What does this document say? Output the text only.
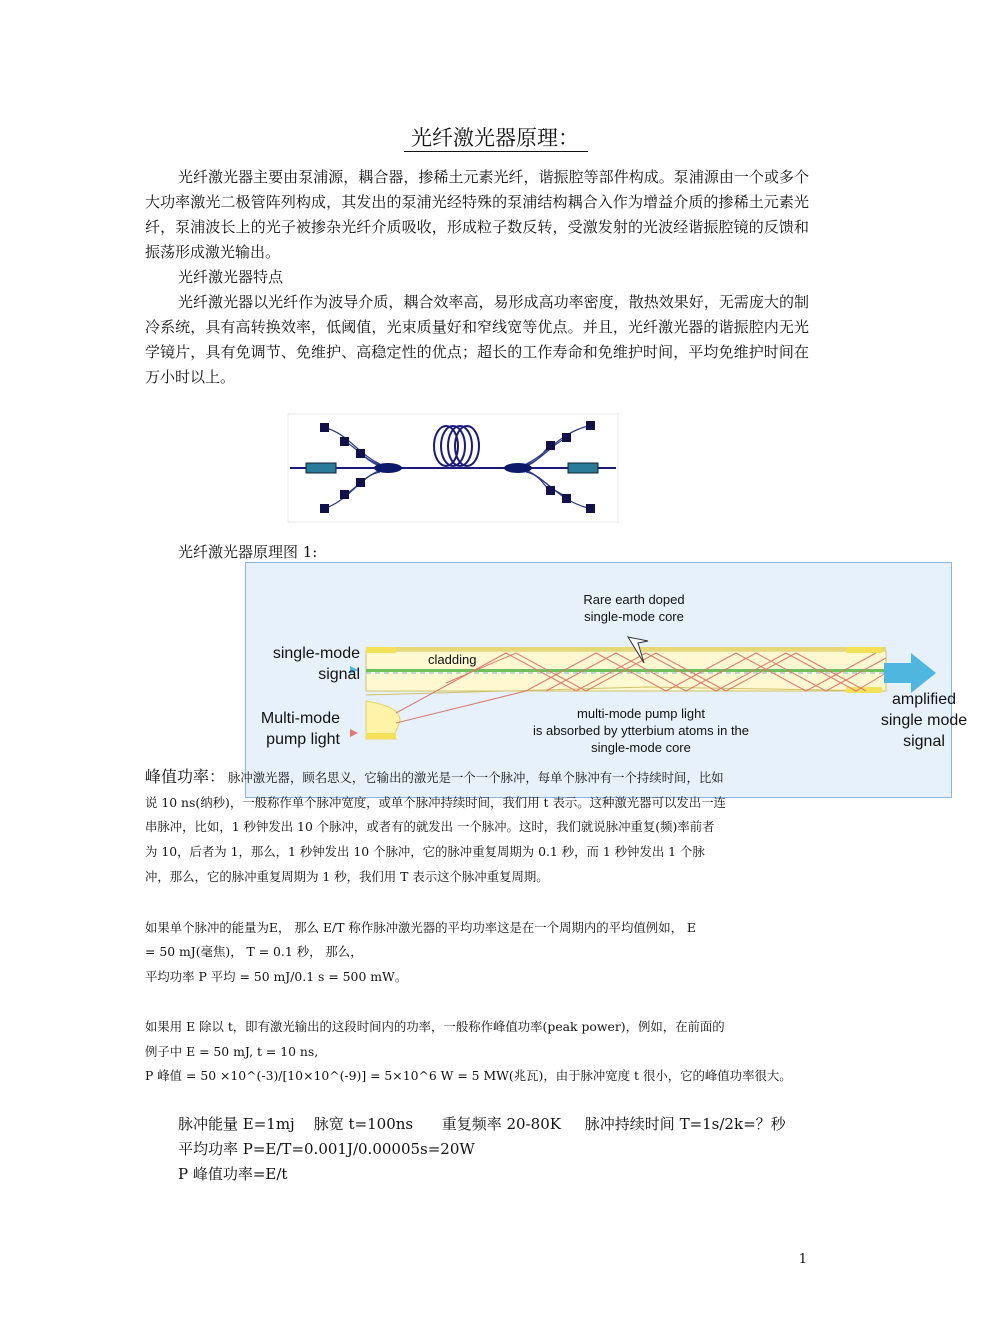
光纤激光器原理：
光纤激光器主要由泵浦源，耦合器，掺稀土元素光纤，谐振腔等部件构成。泵浦源由一个或多个大功率激光二极管阵列构成，其发出的泵浦光经特殊的泵浦结构耦合入作为增益介质的掺稀土元素光纤，泵浦波长上的光子被掺杂光纤介质吸收，形成粒子数反转，受激发射的光波经谐振腔镜的反馈和振荡形成激光输出。
光纤激光器特点
光纤激光器以光纤作为波导介质，耦合效率高，易形成高功率密度，散热效果好，无需庞大的制冷系统，具有高转换效率，低阈值，光束质量好和窄线宽等优点。并且，光纤激光器的谐振腔内无光学镜片，具有免调节、免维护、高稳定性的优点；超长的工作寿命和免维护时间，平均免维护时间在　　万小时以上。
光纤激光器原理图 1:
Rare earth doped
single-mode core
single-mode
signal
cladding
Multi-mode
pump light
multi-mode pump light
is absorbed by ytterbium atoms in the
single-mode core
amplified
single mode
signal
峰值功率： 脉冲激光器，顾名思义，它输出的激光是一个一个脉冲，每单个脉冲有一个持续时间，比如
说 10 ns(纳秒)，一般称作单个脉冲宽度，或单个脉冲持续时间，我们用 t 表示。这种激光器可以发出一连
串脉冲，比如，1 秒钟发出 10 个脉冲，或者有的就发出 一个脉冲。这时，我们就说脉冲重复(频)率前者
为 10，后者为 1，那么，1 秒钟发出 10 个脉冲，它的脉冲重复周期为 0.1 秒，而 1 秒钟发出 1 个脉
冲，那么，它的脉冲重复周期为 1 秒，我们用 T 表示这个脉冲重复周期。
如果单个脉冲的能量为E， 那么 E/T 称作脉冲激光器的平均功率这是在一个周期内的平均值例如， E
= 50 mJ(毫焦)， T = 0.1 秒， 那么，
平均功率 P 平均 = 50 mJ/0.1 s = 500 mW。
如果用 E 除以 t，即有激光输出的这段时间内的功率，一般称作峰值功率(peak power)，例如，在前面的
例子中 E = 50 mJ, t = 10 ns,
P 峰值 = 50 ×10^(-3)/[10×10^(-9)] = 5×10^6 W = 5 MW(兆瓦)，由于脉冲宽度 t 很小，它的峰值功率很大。
脉冲能量 E=1mj    脉宽 t=100ns      重复频率 20-80K     脉冲持续时间 T=1s/2k=？秒
平均功率 P=E/T=0.001J/0.00005s=20W
P 峰值功率=E/t
1
